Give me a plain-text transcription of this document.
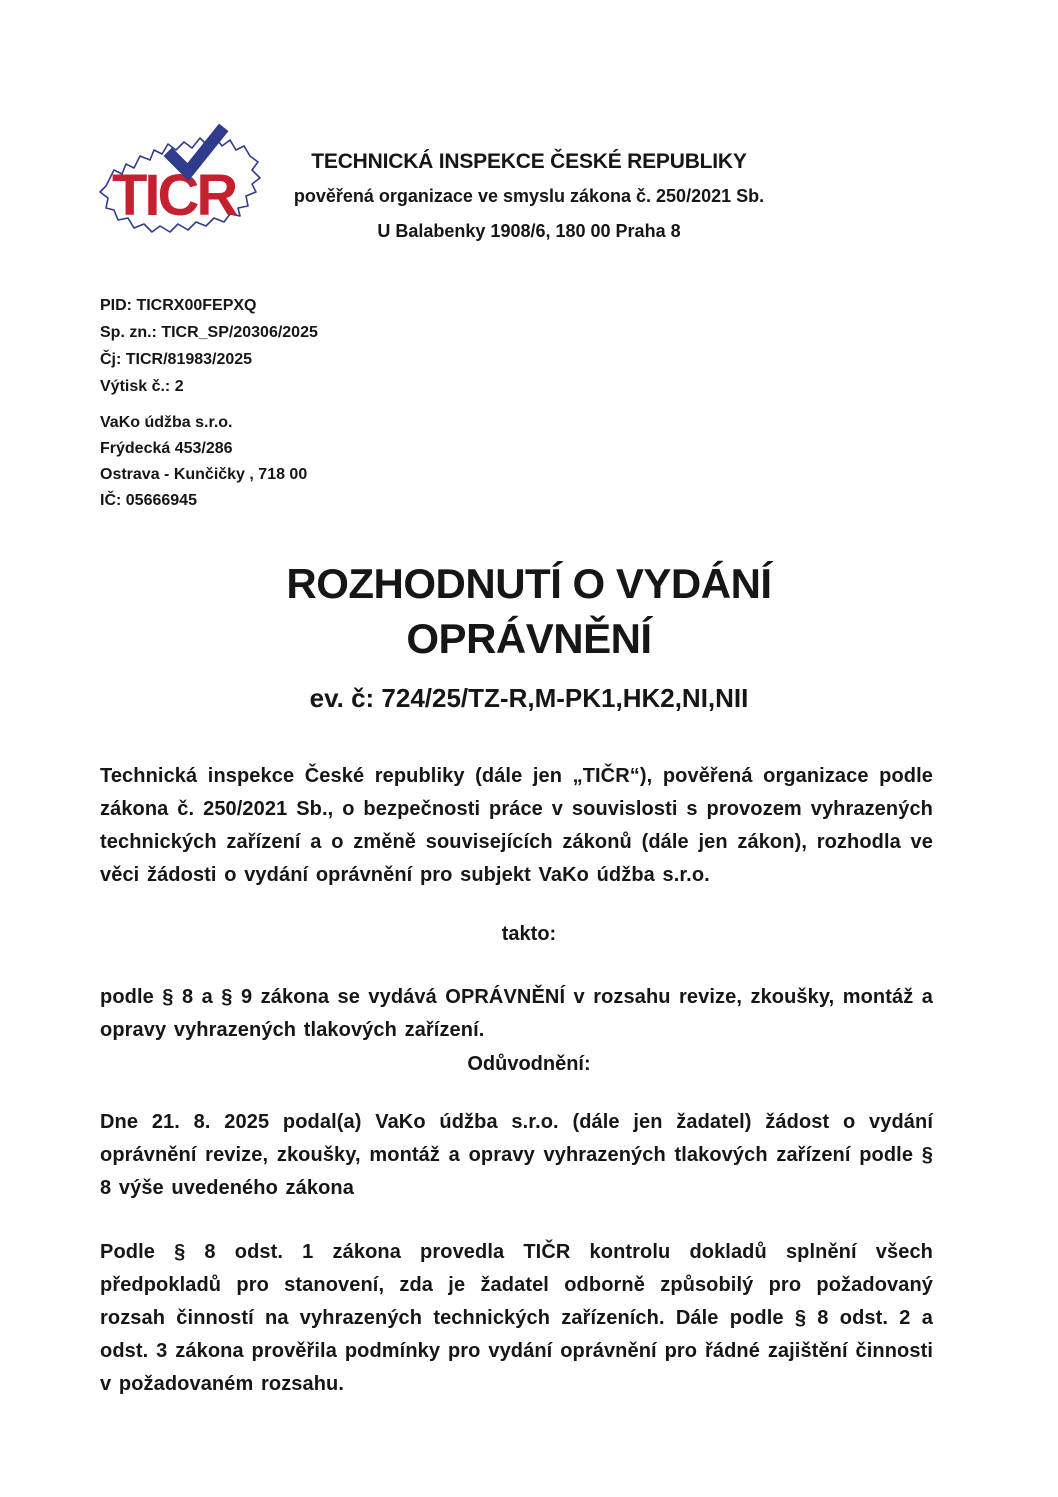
TICR
TECHNICKÁ INSPEKCE ČESKÉ REPUBLIKY
pověřená organizace ve smyslu zákona č. 250/2021 Sb.
U Balabenky 1908/6, 180 00 Praha 8
PID: TICRX00FEPXQ
Sp. zn.: TICR_SP/20306/2025
Čj: TICR/81983/2025
Výtisk č.: 2
VaKo údžba s.r.o.
Frýdecká 453/286
Ostrava - Kunčičky , 718 00
IČ: 05666945
ROZHODNUTÍ O VYDÁNÍ
OPRÁVNĚNÍ
ev. č: 724/25/TZ-R,M-PK1,HK2,NI,NII
Technická inspekce České republiky (dále jen „TIČR“), pověřená organizace podle zákona č. 250/2021 Sb., o bezpečnosti práce v souvislosti s provozem vyhrazených technických zařízení a o změně souvisejících zákonů (dále jen zákon), rozhodla ve věci žádosti o vydání oprávnění pro subjekt VaKo údžba s.r.o.
takto:
podle § 8 a § 9 zákona se vydává OPRÁVNĚNÍ v rozsahu revize, zkoušky, montáž a opravy vyhrazených tlakových zařízení.
Odůvodnění:
Dne 21. 8. 2025 podal(a) VaKo údžba s.r.o. (dále jen žadatel) žádost o vydání oprávnění revize, zkoušky, montáž a opravy vyhrazených tlakových zařízení podle § 8 výše uvedeného zákona
Podle § 8 odst. 1 zákona provedla TIČR kontrolu dokladů splnění všech předpokladů pro stanovení, zda je žadatel odborně způsobilý pro požadovaný rozsah činností na vyhrazených technických zařízeních. Dále podle § 8 odst. 2 a odst. 3 zákona prověřila podmínky pro vydání oprávnění pro řádné zajištění činnosti v požadovaném rozsahu.
